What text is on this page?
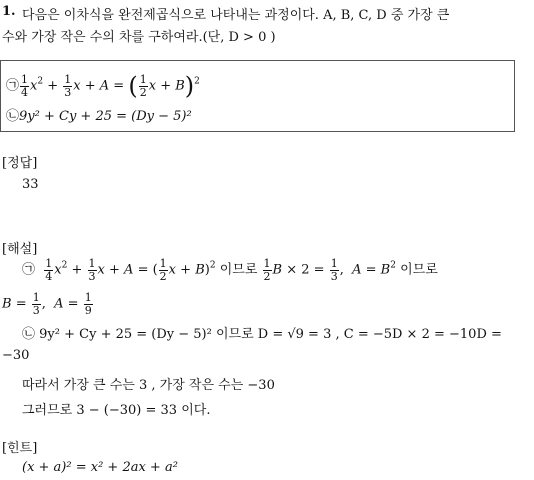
1. 다음은 이차식을 완전제곱식으로 나타내는 과정이다. A, B, C, D 중 가장 큰
수와 가장 작은 수의 차를 구하여라.(단, D > 0 )
㉠ $\frac{1}{4} x^2 + \frac{1}{3}$ x + A = ( $\frac{1}{2}$ x + B)$^2$
㉡9y² + Cy + 25 = (Dy − 5)²
[정답]
33
[해설]
㉠ $\frac{1}{4} x^2 + \frac{1}{3}$ x + A = ( $\frac{1}{2}$ x + B)$^2$ 이므로 $\frac{1}{2}$ $B \times 2 = \frac{1}{3}$ ,  $A = B^2$ 이므로
$B = \frac{1}{3}$ ,  $A = \frac{1}{9}$
㉡ 9y² + Cy + 25 = (Dy − 5)² 이므로 D = √9 = 3 , C = −5D × 2 = −10D =
−30
따라서 가장 큰 수는 3 , 가장 작은 수는 −30
그러므로 3 − (−30) = 33 이다.
[힌트]
(x + a)² = x² + 2ax + a²
